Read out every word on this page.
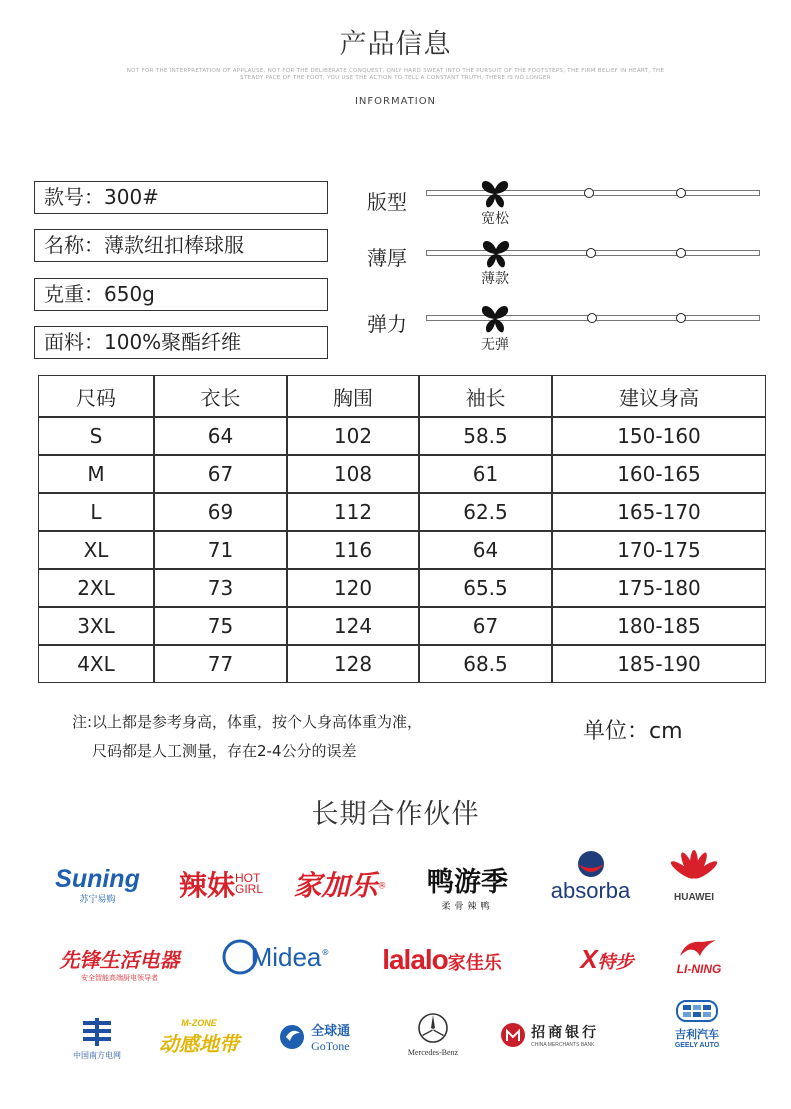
产品信息
NOT FOR THE INTERPRETATION OF APPLAUSE, NOT FOR THE DELIBERATE CONQUEST, ONLY HARD SWEAT INTO THE PURSUIT OF THE FOOTSTEPS, THE FIRM BELIEF IN HEART, THE STEADY PACE OF THE FOOT, YOU USE THE ACTION TO TELL A CONSTANT TRUTH, THERE IS NO LONGER
INFORMATION
款号：300#
名称：薄款纽扣棒球服
克重：650g
面料：100%聚酯纤维
版型
宽松
薄厚
薄款
弹力
无弹
尺码	衣长	胸围	袖长	建议身高
S	64	102	58.5	150-160
M	67	108	61	160-165
L	69	112	62.5	165-170
XL	71	116	64	170-175
2XL	73	120	65.5	175-180
3XL	75	124	67	180-185
4XL	77	128	68.5	185-190
注:以上都是参考身高，体重，按个人身高体重为准，
尺码都是人工测量，存在2-4公分的误差
单位：cm
长期合作伙伴
Suning
苏宁易购	辣妹HOT GIRL	家加乐®	鸭游季
柔骨辣鸭
absorba	HUAWEI
先锋生活电器
安全智能高端厨电领导者
Midea®	lalalo家佳乐	X特步	LI-NING
中国南方电网
M-ZONE
动感地带

全球通
GoTone	Mercedes-Benz

招商银行
CHINA MERCHANTS BANK
吉利汽车
GEELY AUTO
